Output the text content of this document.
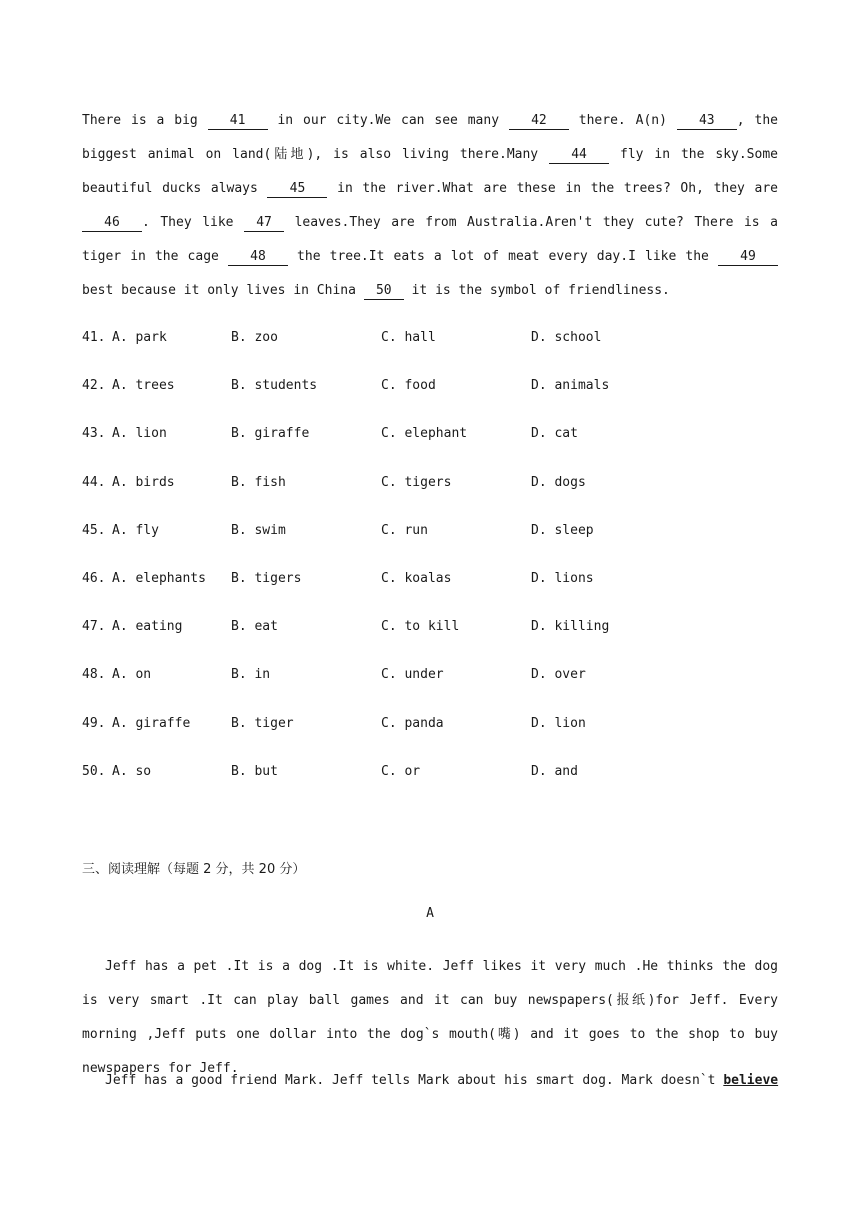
There is a big 41 in our city.We can see many 42 there. A(n) 43 , the biggest animal on land(陆地), is also living there.Many 44 fly in the sky.Some beautiful ducks always 45 in the river.What are these in the trees? Oh, they are 46 . They like 47 leaves.They are from Australia.Aren't they cute? There is a tiger in the cage 48 the tree.It eats a lot of meat every day.I like the 49 best because it only lives in China 50 it is the symbol of friendliness.
41. A. park	B. zoo	C. hall	D. school
42. A. trees	B. students	C. food	D. animals
43. A. lion	B. giraffe	C. elephant	D. cat
44. A. birds	B. fish	C. tigers	D. dogs
45. A. fly	B. swim	C. run	D. sleep
46. A. elephants B. tigers	C. koalas	D. lions
47. A. eating	B. eat	C. to kill	D. killing
48. A. on	B. in	C. under	D. over
49. A. giraffe	B. tiger	C. panda	D. lion
50. A. so	B. but	C. or	D. and
三、阅读理解（每题 2 分，共 20 分）
A
Jeff has a pet .It is a dog .It is white. Jeff likes it very much .He thinks the dog is very smart .It can play ball games and it can buy newspapers(报纸)for Jeff. Every morning ,Jeff puts one dollar into the dog`s mouth(嘴) and it goes to the shop to buy newspapers for Jeff.
Jeff has a good friend Mark. Jeff tells Mark about his smart dog. Mark doesn`t believe
